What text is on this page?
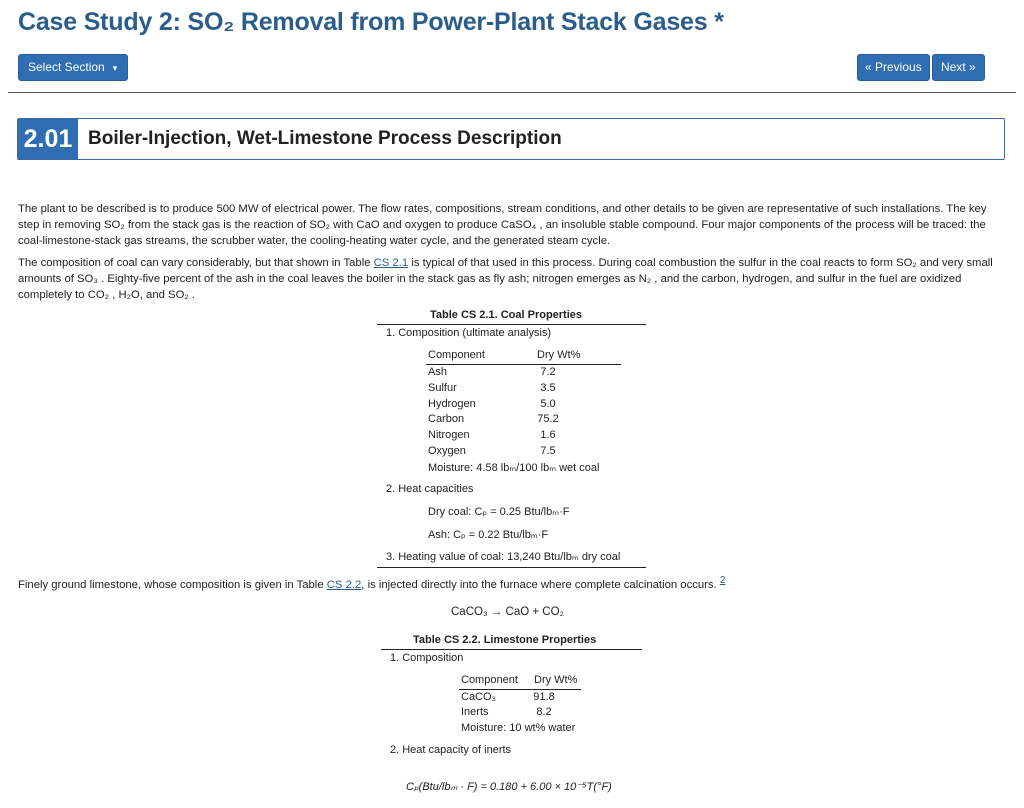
Case Study 2: SO₂ Removal from Power-Plant Stack Gases *
Select Section ▾	« Previous	Next »
2.01 Boiler-Injection, Wet-Limestone Process Description

The plant to be described is to produce 500 MW of electrical power. The flow rates, compositions, stream conditions, and other details to be given are representative of such installations. The key step in removing SO₂ from the stack gas is the reaction of SO₂ with CaO and oxygen to produce CaSO₄ , an insoluble stable compound. Four major components of the process will be traced: the coal-limestone-stack gas streams, the scrubber water, the cooling-heating water cycle, and the generated steam cycle.

The composition of coal can vary considerably, but that shown in Table CS 2.1 is typical of that used in this process. During coal combustion the sulfur in the coal reacts to form SO₂ and very small amounts of SO₃ . Eighty-five percent of the ash in the coal leaves the boiler in the stack gas as fly ash; nitrogen emerges as N₂ , and the carbon, hydrogen, and sulfur in the fuel are oxidized completely to CO₂ , H₂O, and SO₂ .

Table CS 2.1. Coal Properties
1. Composition (ultimate analysis)
Component	Dry Wt%
Ash	7.2
Sulfur	3.5
Hydrogen	5.0
Carbon	75.2
Nitrogen	1.6
Oxygen	7.5
Moisture: 4.58 lbₘ/100 lbₘ wet coal
2. Heat capacities
Dry coal: Cₚ = 0.25 Btu/lbₘ·F
Ash: Cₚ = 0.22 Btu/lbₘ·F
3. Heating value of coal: 13,240 Btu/lbₘ dry coal

Finely ground limestone, whose composition is given in Table CS 2.2, is injected directly into the furnace where complete calcination occurs. 2

CaCO₃ → CaO + CO₂
Table CS 2.2. Limestone Properties
1. Composition
Component Dry Wt%
CaCO₃	91.8
Inerts	8.2
Moisture: 10 wt% water
2. Heat capacity of inerts
Cₚ(Btu/lbₘ · F) = 0.180 + 6.00 × 10⁻⁵T(°F)
